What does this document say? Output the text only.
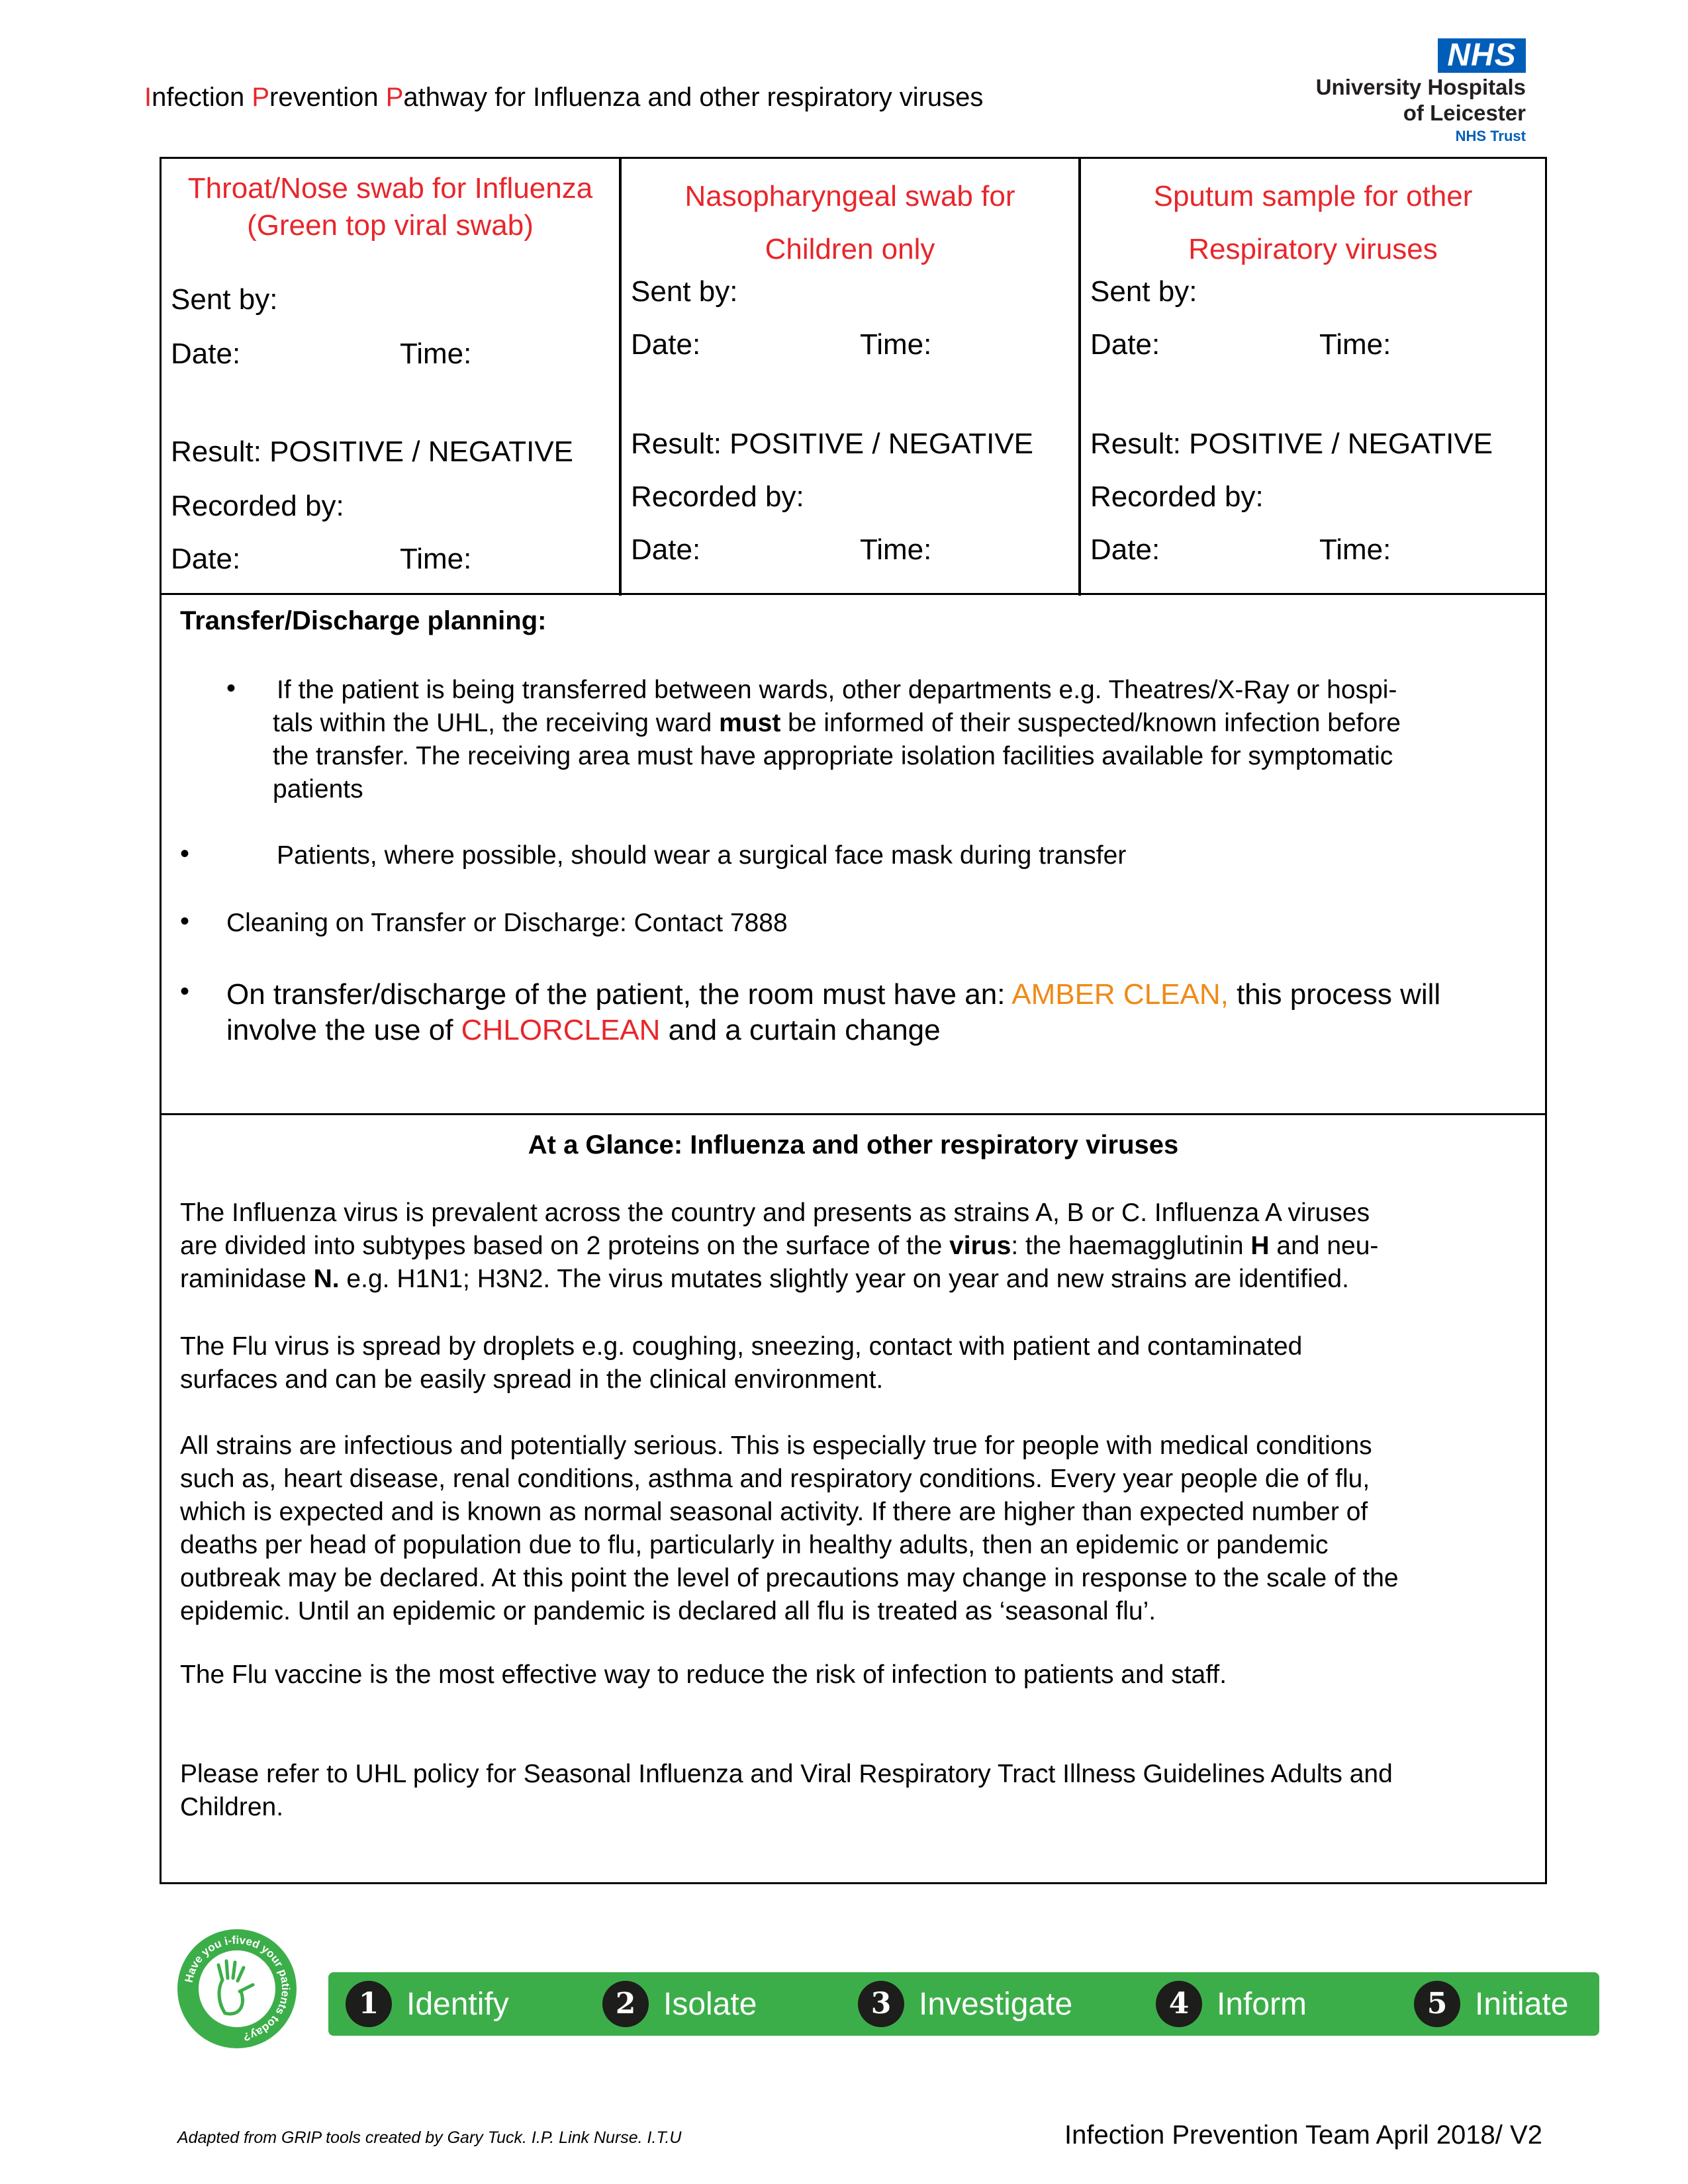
Infection Prevention Pathway for Influenza and other respiratory viruses
NHS
University Hospitals
of Leicester
NHS Trust
Throat/Nose swab for Influenza
(Green top viral swab)
Sent by:
Date:	Time:
Result: POSITIVE / NEGATIVE
Recorded by:
Date:	Time:
Nasopharyngeal swab for
Children only
Sent by:
Date:	Time:
Result: POSITIVE / NEGATIVE
Recorded by:
Date:	Time:
Sputum sample for other
Respiratory viruses
Sent by:
Date:	Time:
Result: POSITIVE / NEGATIVE
Recorded by:
Date:	Time:
Transfer/Discharge planning:
• If the patient is being transferred between wards, other departments e.g. Theatres/X-Ray or hospi-
tals within the UHL, the receiving ward must be informed of their suspected/known infection before
the transfer. The receiving area must have appropriate isolation facilities available for symptomatic
patients
•	Patients, where possible, should wear a surgical face mask during transfer
• Cleaning on Transfer or Discharge: Contact 7888
• On transfer/discharge of the patient, the room must have an: AMBER CLEAN, this process will
involve the use of CHLORCLEAN and a curtain change
At a Glance: Influenza and other respiratory viruses
The Influenza virus is prevalent across the country and presents as strains A, B or C. Influenza A viruses
are divided into subtypes based on 2 proteins on the surface of the virus: the haemagglutinin H and neu-
raminidase N. e.g. H1N1; H3N2. The virus mutates slightly year on year and new strains are identified.
The Flu virus is spread by droplets e.g. coughing, sneezing, contact with patient and contaminated
surfaces and can be easily spread in the clinical environment.
All strains are infectious and potentially serious. This is especially true for people with medical conditions
such as, heart disease, renal conditions, asthma and respiratory conditions. Every year people die of flu,
which is expected and is known as normal seasonal activity. If there are higher than expected number of
deaths per head of population due to flu, particularly in healthy adults, then an epidemic or pandemic
outbreak may be declared. At this point the level of precautions may change in response to the scale of the
epidemic. Until an epidemic or pandemic is declared all flu is treated as ‘seasonal flu’.
The Flu vaccine is the most effective way to reduce the risk of infection to patients and staff.
Please refer to UHL policy for Seasonal Influenza and Viral Respiratory Tract Illness Guidelines Adults and
Children.
Have you i-fived your patients today?
1 Identify	2 Isolate	3 Investigate	4 Inform	5 Initiate
Adapted from GRIP tools created by Gary Tuck. I.P. Link Nurse. I.T.U	Infection Prevention Team April 2018/ V2
